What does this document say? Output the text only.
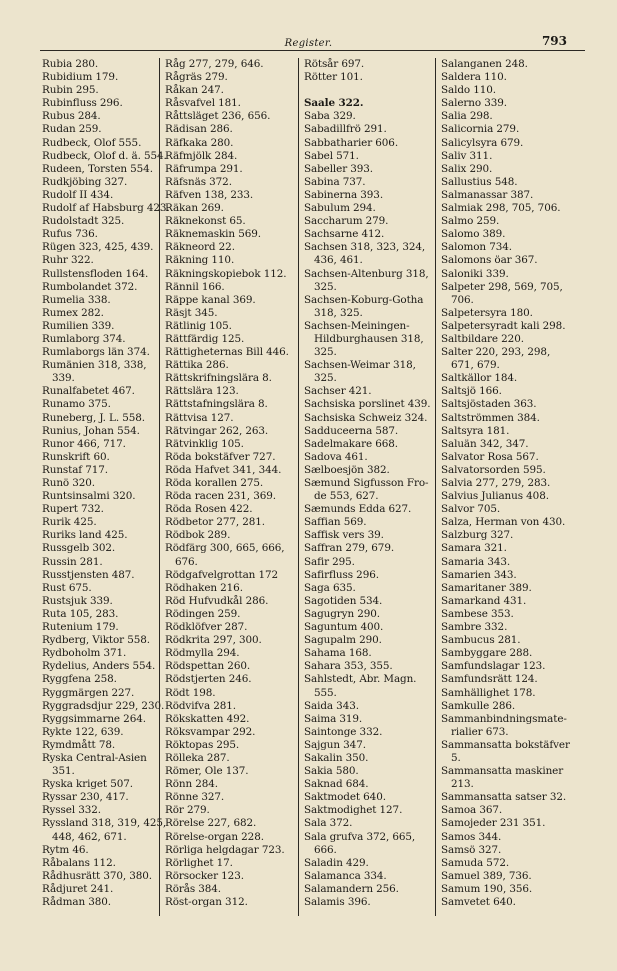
Register.	793
Rubia 280.
Rubidium 179.
Rubin 295.
Rubinfluss 296.
Rubus 284.
Rudan 259.
Rudbeck, Olof 555.
Rudbeck, Olof d. ä. 554.
Rudeen, Torsten 554.
Rudkjöbing 327.
Rudolf II 434.
Rudolf af Habsburg 423.
Rudolstadt 325.
Rufus 736.
Rügen 323, 425, 439.
Ruhr 322.
Rullstensfloden 164.
Rumbolandet 372.
Rumelia 338.
Rumex 282.
Rumilien 339.
Rumlaborg 374.
Rumlaborgs län 374.
Rumänien 318, 338,
339.
Runalfabetet 467.
Runamo 375.
Runeberg, J. L. 558.
Runius, Johan 554.
Runor 466, 717.
Runskrift 60.
Runstaf 717.
Runö 320.
Runtsinsalmi 320.
Rupert 732.
Rurik 425.
Ruriks land 425.
Russgelb 302.
Russin 281.
Russtjensten 487.
Rust 675.
Rustsjuk 339.
Ruta 105, 283.
Rutenium 179.
Rydberg, Viktor 558.
Rydboholm 371.
Rydelius, Anders 554.
Ryggfena 258.
Ryggmärgen 227.
Ryggradsdjur 229, 230.
Ryggsimmarne 264.
Rykte 122, 639.
Rymdmått 78.
Ryska Central-Asien
351.
Ryska kriget 507.
Ryssar 230, 417.
Ryssel 332.
Ryssland 318, 319, 425,
448, 462, 671.
Rytm 46.
Råbalans 112.
Rådhusrätt 370, 380.
Rådjuret 241.
Rådman 380.
Råg 277, 279, 646.
Rågräs 279.
Råkan 247.
Råsvafvel 181.
Råttsläget 236, 656.
Rädisan 286.
Räfkaka 280.
Räfmjölk 284.
Räfrumpa 291.
Räfsnäs 372.
Räfven 138, 233.
Räkan 269.
Räknekonst 65.
Räknemaskin 569.
Räkneord 22.
Räkning 110.
Räkningskopiebok 112.
Rännil 166.
Räppe kanal 369.
Räsjt 345.
Rätlinig 105.
Rättfärdig 125.
Rättigheternas Bill 446.
Rättika 286.
Rättskrifningslära 8.
Rättslära 123.
Rättstafningslära 8.
Rättvisa 127.
Rätvingar 262, 263.
Rätvinklig 105.
Röda bokstäfver 727.
Röda Hafvet 341, 344.
Röda korallen 275.
Röda racen 231, 369.
Röda Rosen 422.
Rödbetor 277, 281.
Rödbok 289.
Rödfärg 300, 665, 666,
676.
Rödgafvelgrottan 172
Rödhaken 216.
Röd Hufvudkål 286.
Rödingen 259.
Rödklöfver 287.
Rödkrita 297, 300.
Rödmylla 294.
Rödspettan 260.
Rödstjerten 246.
Rödt 198.
Rödvifva 281.
Rökskatten 492.
Röksvampar 292.
Röktopas 295.
Rölleka 287.
Römer, Ole 137.
Rönn 284.
Rönne 327.
Rör 279.
Rörelse 227, 682.
Rörelse-organ 228.
Rörliga helgdagar 723.
Rörlighet 17.
Rörsocker 123.
Rörås 384.
Röst-organ 312.
Rötsår 697.
Rötter 101.

Saale 322.
Saba 329.
Sabadillfrö 291.
Sabbatharier 606.
Sabel 571.
Sabeller 393.
Sabina 737.
Sabinerna 393.
Sabulum 294.
Saccharum 279.
Sachsarne 412.
Sachsen 318, 323, 324,
436, 461.
Sachsen-Altenburg 318,
325.
Sachsen-Koburg-Gotha
318, 325.
Sachsen-Meiningen-
Hildburghausen 318,
325.
Sachsen-Weimar 318,
325.
Sachser 421.
Sachsiska porslinet 439.
Sachsiska Schweiz 324.
Sadduceerna 587.
Sadelmakare 668.
Sadova 461.
Sælboesjön 382.
Sæmund Sigfusson Fro-
de 553, 627.
Sæmunds Edda 627.
Saffian 569.
Saffisk vers 39.
Saffran 279, 679.
Safir 295.
Safirfluss 296.
Saga 635.
Sagotiden 534.
Sagugryn 290.
Saguntum 400.
Sagupalm 290.
Sahama 168.
Sahara 353, 355.
Sahlstedt, Abr. Magn.
555.
Saida 343.
Saima 319.
Saintonge 332.
Sajgun 347.
Sakalin 350.
Sakia 580.
Saknad 684.
Saktmodet 640.
Saktmodighet 127.
Sala 372.
Sala grufva 372, 665,
666.
Saladin 429.
Salamanca 334.
Salamandern 256.
Salamis 396.
Salanganen 248.
Saldera 110.
Saldo 110.
Salerno 339.
Salia 298.
Salicornia 279.
Salicylsyra 679.
Saliv 311.
Salix 290.
Sallustius 548.
Salmanassar 387.
Salmiak 298, 705, 706.
Salmo 259.
Salomo 389.
Salomon 734.
Salomons öar 367.
Saloniki 339.
Salpeter 298, 569, 705,
706.
Salpetersyra 180.
Salpetersyradt kali 298.
Saltbildare 220.
Salter 220, 293, 298,
671, 679.
Saltkällor 184.
Saltsjö 166.
Saltsjöstaden 363.
Saltströmmen 384.
Saltsyra 181.
Saluän 342, 347.
Salvator Rosa 567.
Salvatorsorden 595.
Salvia 277, 279, 283.
Salvius Julianus 408.
Salvor 705.
Salza, Herman von 430.
Salzburg 327.
Samara 321.
Samaria 343.
Samarien 343.
Samaritaner 389.
Samarkand 431.
Sambese 353.
Sambre 332.
Sambucus 281.
Sambyggare 288.
Samfundslagar 123.
Samfundsrätt 124.
Samhällighet 178.
Samkulle 286.
Sammanbindningsmate-
rialier 673.
Sammansatta bokstäfver
5.
Sammansatta maskiner
213.
Sammansatta satser 32.
Samoa 367.
Samojeder 231 351.
Samos 344.
Samsö 327.
Samuda 572.
Samuel 389, 736.
Samum 190, 356.
Samvetet 640.
